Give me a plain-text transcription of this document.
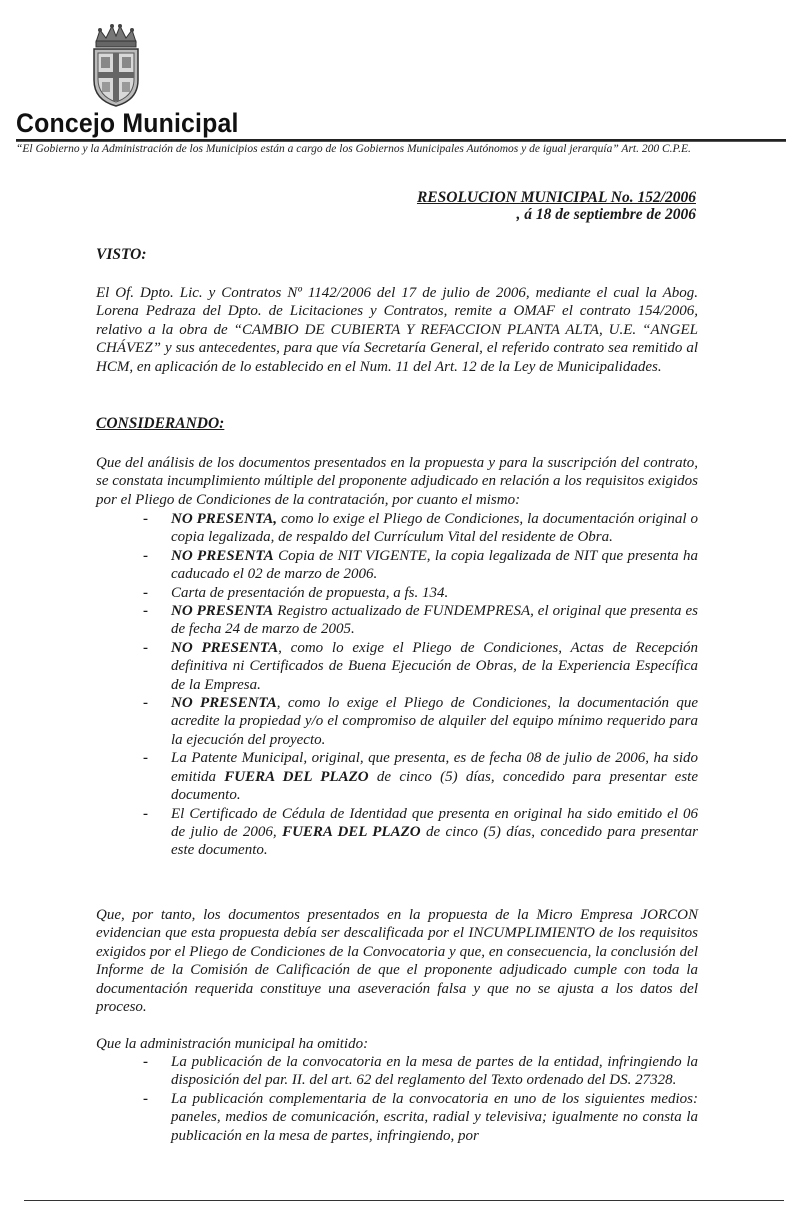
Concejo Municipal
“El Gobierno y la Administración de los Municipios están a cargo de los Gobiernos Municipales Autónomos y de igual jerarquía” Art. 200 C.P.E.
RESOLUCION MUNICIPAL No. 152/2006
, á 18 de septiembre de 2006
VISTO:
El Of. Dpto. Lic. y Contratos Nº 1142/2006 del 17 de julio de 2006, mediante el cual la Abog. Lorena Pedraza del Dpto. de Licitaciones y Contratos, remite a OMAF el contrato 154/2006, relativo a la obra de “CAMBIO DE CUBIERTA Y REFACCION PLANTA ALTA, U.E. “ANGEL CHÁVEZ” y sus antecedentes, para que vía Secretaría General, el referido contrato sea remitido al HCM, en aplicación de lo establecido en el Num. 11 del Art. 12 de la Ley de Municipalidades.
CONSIDERANDO:
Que del análisis de los documentos presentados en la propuesta y para la suscripción del contrato, se constata incumplimiento múltiple del proponente adjudicado en relación a los requisitos exigidos por el Pliego de Condiciones de la contratación, por cuanto el mismo:
- NO PRESENTA, como lo exige el Pliego de Condiciones, la documentación original o copia legalizada, de respaldo del Currículum Vital del residente de Obra.
- NO PRESENTA Copia de NIT VIGENTE, la copia legalizada de NIT que presenta ha caducado el 02 de marzo de 2006.
- Carta de presentación de propuesta, a fs. 134.
- NO PRESENTA Registro actualizado de FUNDEMPRESA, el original que presenta es de fecha 24 de marzo de 2005.
- NO PRESENTA, como lo exige el Pliego de Condiciones, Actas de Recepción definitiva ni Certificados de Buena Ejecución de Obras, de la Experiencia Específica de la Empresa.
- NO PRESENTA, como lo exige el Pliego de Condiciones, la documentación que acredite la propiedad y/o el compromiso de alquiler del equipo mínimo requerido para la ejecución del proyecto.
- La Patente Municipal, original, que presenta, es de fecha 08 de julio de 2006, ha sido emitida FUERA DEL PLAZO de cinco (5) días, concedido para presentar este documento.
- El Certificado de Cédula de Identidad que presenta en original ha sido emitido el 06 de julio de 2006, FUERA DEL PLAZO de cinco (5) días, concedido para presentar este documento.
Que, por tanto, los documentos presentados en la propuesta de la Micro Empresa JORCON evidencian que esta propuesta debía ser descalificada por el INCUMPLIMIENTO de los requisitos exigidos por el Pliego de Condiciones de la Convocatoria y que, en consecuencia, la conclusión del Informe de la Comisión de Calificación de que el proponente adjudicado cumple con toda la documentación requerida constituye una aseveración falsa y que no se ajusta a los datos del proceso.
Que la administración municipal ha omitido:
- La publicación de la convocatoria en la mesa de partes de la entidad, infringiendo la disposición del par. II. del art. 62 del reglamento del Texto ordenado del DS. 27328.
- La publicación complementaria de la convocatoria en uno de los siguientes medios: paneles, medios de comunicación, escrita, radial y televisiva; igualmente no consta la publicación en la mesa de partes, infringiendo, por
